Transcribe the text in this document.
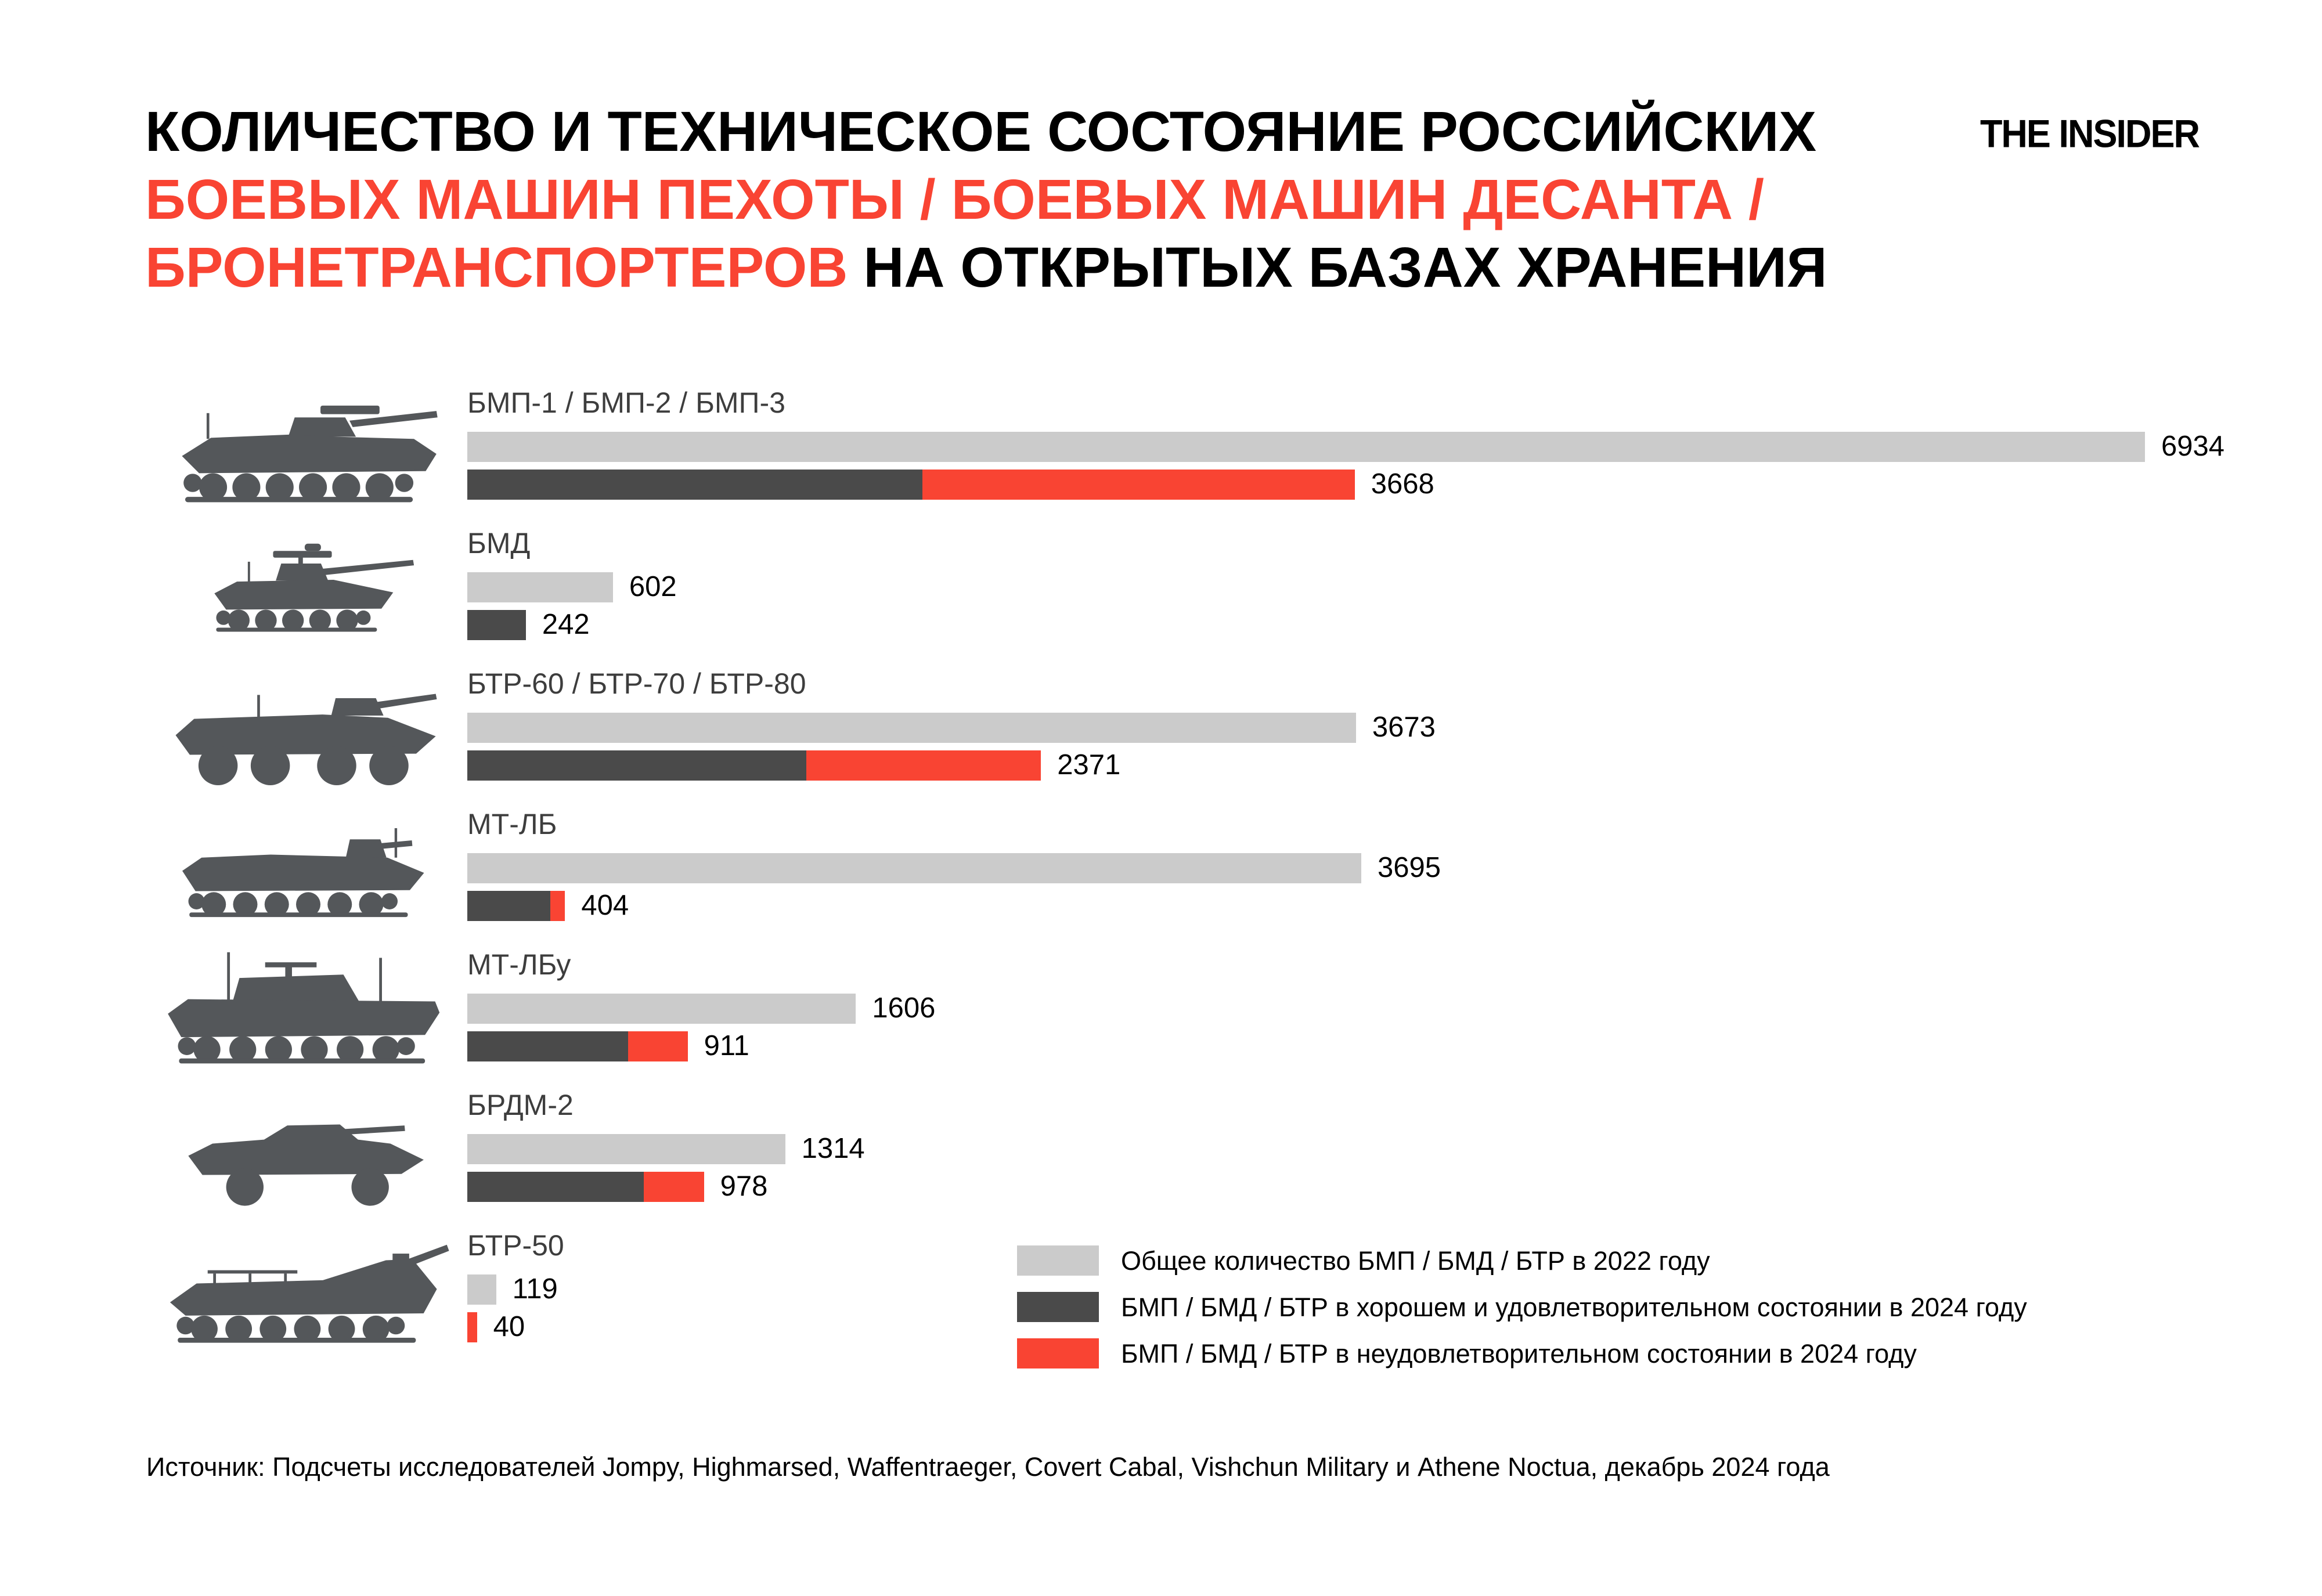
КОЛИЧЕСТВО И ТЕХНИЧЕСКОЕ СОСТОЯНИЕ РОССИЙСКИХ
БОЕВЫХ МАШИН ПЕХОТЫ / БОЕВЫХ МАШИН ДЕСАНТА /
БРОНЕТРАНСПОРТЕРОВ НА ОТКРЫТЫХ БАЗАХ ХРАНЕНИЯ
THE INSIDER
БМП-1 / БМП-2 / БМП-3
6934
3668
БМД
602
242
БТР-60 / БТР-70 / БТР-80
3673
2371
МТ-ЛБ
3695
404
МТ-ЛБу
1606
911
БРДМ-2
1314
978
БТР-50
119
40
Общее количество БМП / БМД / БТР в 2022 году
БМП / БМД / БТР в хорошем и удовлетворительном состоянии в 2024 году
БМП / БМД / БТР в неудовлетворительном состоянии в 2024 году
Источник: Подсчеты исследователей Jompy, Highmarsed, Waffentraeger, Covert Cabal, Vishchun Military и Athene Noctua, декабрь 2024 года
